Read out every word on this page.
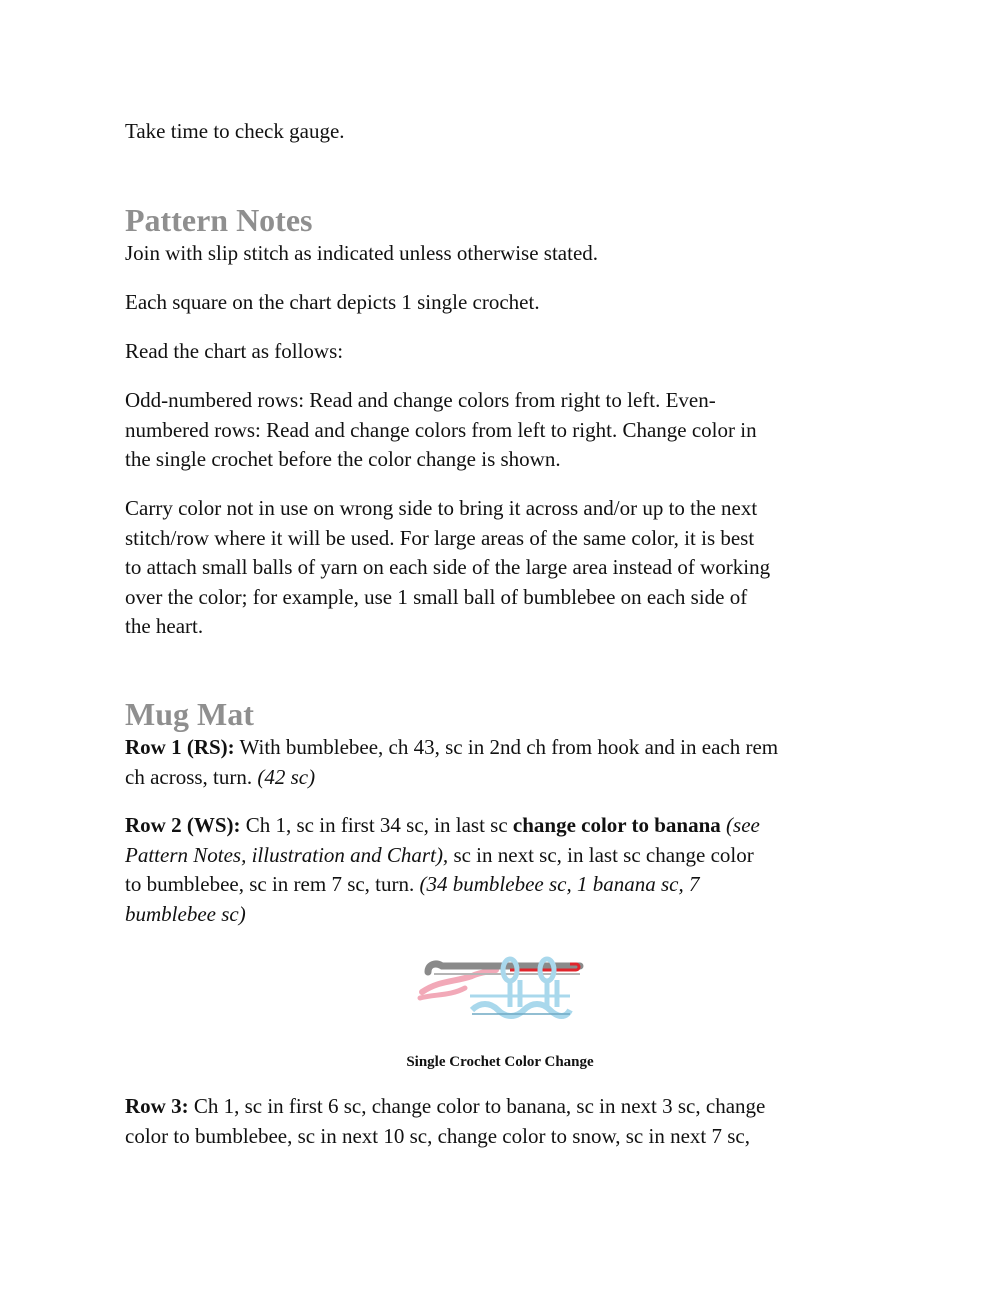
Take time to check gauge.

Pattern Notes

Join with slip stitch as indicated unless otherwise stated.

Each square on the chart depicts 1 single crochet.

Read the chart as follows:

Odd-numbered rows: Read and change colors from right to left. Even-
numbered rows: Read and change colors from left to right. Change color in
the single crochet before the color change is shown.
Carry color not in use on wrong side to bring it across and/or up to the next
stitch/row where it will be used. For large areas of the same color, it is best
to attach small balls of yarn on each side of the large area instead of working
over the color; for example, use 1 small ball of bumblebee on each side of
the heart.
Mug Mat
Row 1 (RS): With bumblebee, ch 43, sc in 2nd ch from hook and in each rem
ch across, turn. (42 sc)
Row 2 (WS): Ch 1, sc in first 34 sc, in last sc change color to banana (see
Pattern Notes, illustration and Chart), sc in next sc, in last sc change color
to bumblebee, sc in rem 7 sc, turn. (34 bumblebee sc, 1 banana sc, 7
bumblebee sc)

Single Crochet Color Change

Row 3: Ch 1, sc in first 6 sc, change color to banana, sc in next 3 sc, change
color to bumblebee, sc in next 10 sc, change color to snow, sc in next 7 sc,
